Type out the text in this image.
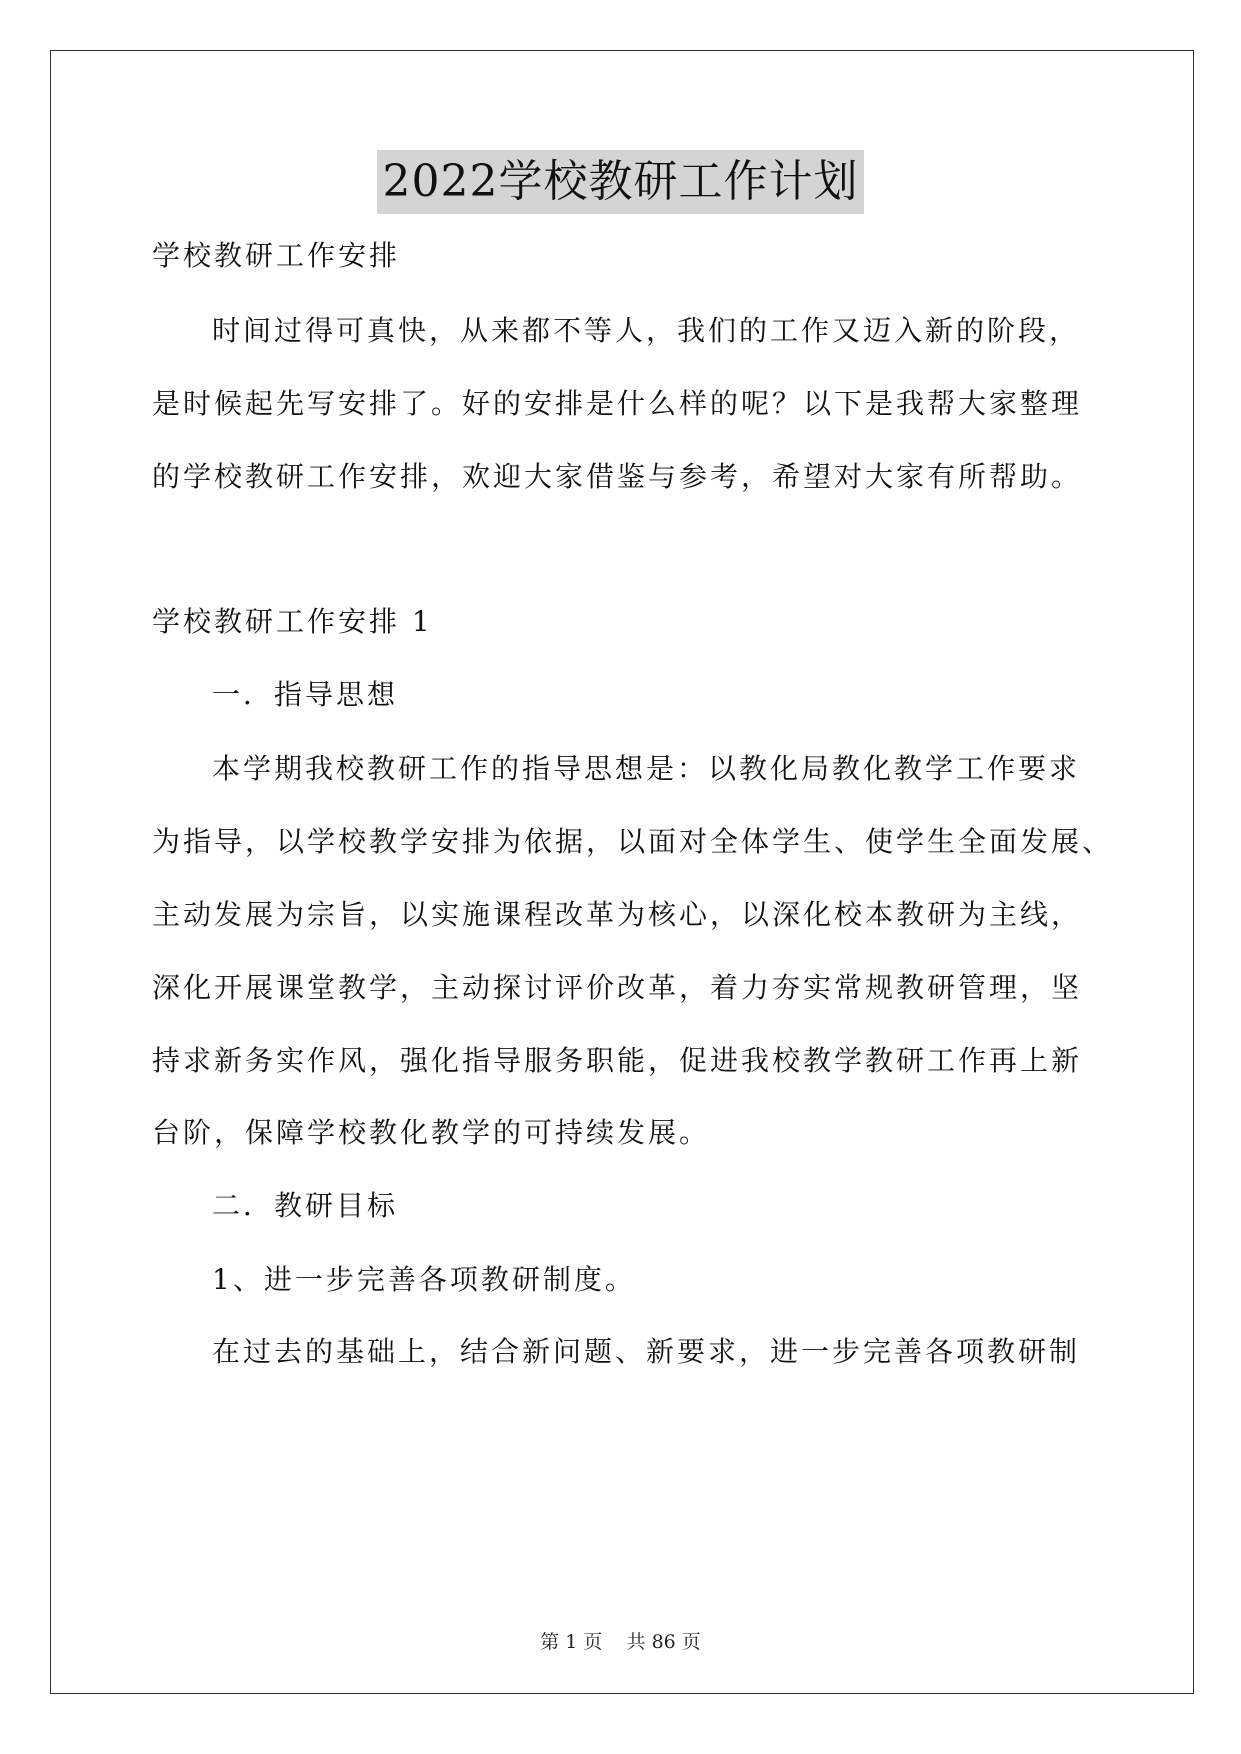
2022学校教研工作计划
学校教研工作安排
时间过得可真快，从来都不等人，我们的工作又迈入新的阶段，
是时候起先写安排了。好的安排是什么样的呢？以下是我帮大家整理
的学校教研工作安排，欢迎大家借鉴与参考，希望对大家有所帮助。
学校教研工作安排 1
一．指导思想
本学期我校教研工作的指导思想是：以教化局教化教学工作要求
为指导，以学校教学安排为依据，以面对全体学生、使学生全面发展、
主动发展为宗旨，以实施课程改革为核心，以深化校本教研为主线，
深化开展课堂教学，主动探讨评价改革，着力夯实常规教研管理，坚
持求新务实作风，强化指导服务职能，促进我校教学教研工作再上新
台阶，保障学校教化教学的可持续发展。
二．教研目标
1、进一步完善各项教研制度。
在过去的基础上，结合新问题、新要求，进一步完善各项教研制
第 1 页    共 86 页
